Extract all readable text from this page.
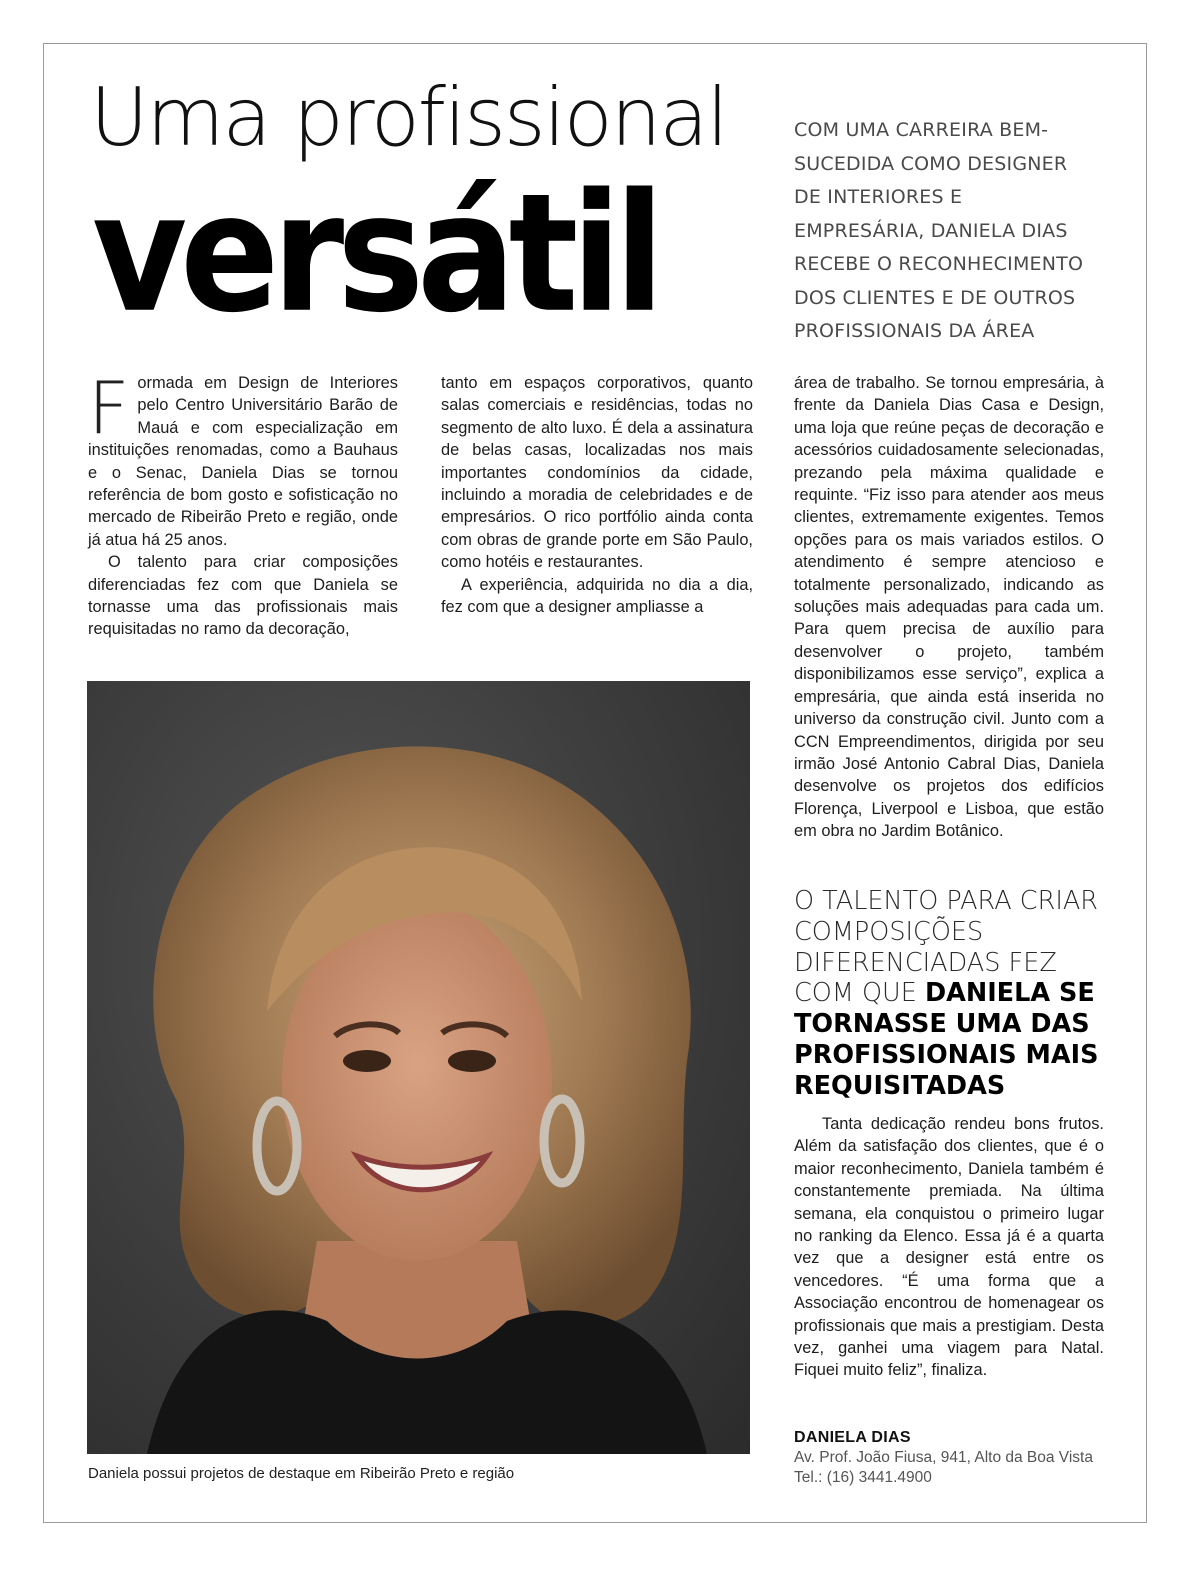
Uma profissional
versátil

COM UMA CARREIRA BEM-SUCEDIDA COMO DESIGNER DE INTERIORES E EMPRESÁRIA, DANIELA DIAS RECEBE O RECONHECIMENTO DOS CLIENTES E DE OUTROS PROFISSIONAIS DA ÁREA

Formada em Design de Interiores pelo Centro Universitário Barão de Mauá e com especialização em instituições renomadas, como a Bauhaus e o Senac, Daniela Dias se tornou referência de bom gosto e sofisticação no mercado de Ribeirão Preto e região, onde já atua há 25 anos.

O talento para criar composições diferenciadas fez com que Daniela se tornasse uma das profissionais mais requisitadas no ramo da decoração,

tanto em espaços corporativos, quanto salas comerciais e residências, todas no segmento de alto luxo. É dela a assinatura de belas casas, localizadas nos mais importantes condomínios da cidade, incluindo a moradia de celebridades e de empresários. O rico portfólio ainda conta com obras de grande porte em São Paulo, como hotéis e restaurantes.

A experiência, adquirida no dia a dia, fez com que a designer ampliasse a

área de trabalho. Se tornou empresária, à frente da Daniela Dias Casa e Design, uma loja que reúne peças de decoração e acessórios cuidadosamente selecionadas, prezando pela máxima qualidade e requinte. “Fiz isso para atender aos meus clientes, extremamente exigentes. Temos opções para os mais variados estilos. O atendimento é sempre atencioso e totalmente personalizado, indicando as soluções mais adequadas para cada um. Para quem precisa de auxílio para desenvolver o projeto, também disponibilizamos esse serviço”, explica a empresária, que ainda está inserida no universo da construção civil. Junto com a CCN Empreendimentos, dirigida por seu irmão José Antonio Cabral Dias, Daniela desenvolve os projetos dos edifícios Florença, Liverpool e Lisboa, que estão em obra no Jardim Botânico.

O TALENTO PARA CRIAR COMPOSIÇÕES DIFERENCIADAS FEZ COM QUE DANIELA SE TORNASSE UMA DAS PROFISSIONAIS MAIS REQUISITADAS

Tanta dedicação rendeu bons frutos. Além da satisfação dos clientes, que é o maior reconhecimento, Daniela também é constantemente premiada. Na última semana, ela conquistou o primeiro lugar no ranking da Elenco. Essa já é a quarta vez que a designer está entre os vencedores. “É uma forma que a Associação encontrou de homenagear os profissionais que mais a prestigiam. Desta vez, ganhei uma viagem para Natal. Fiquei muito feliz”, finaliza.

DANIELA DIAS
Av. Prof. João Fiusa, 941, Alto da Boa Vista
Tel.: (16) 3441.4900

Daniela possui projetos de destaque em Ribeirão Preto e região
